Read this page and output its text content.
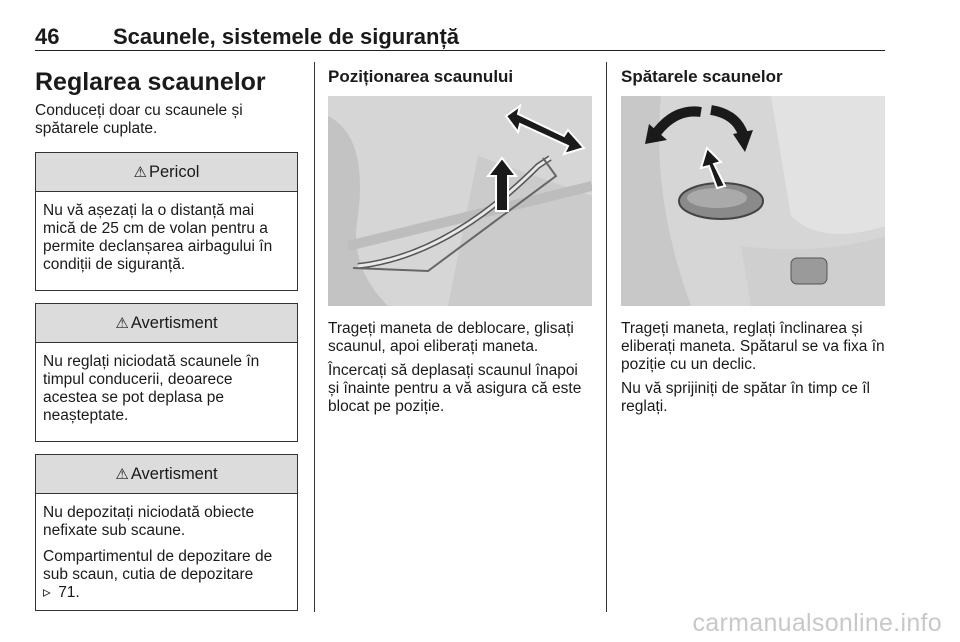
46 Scaunele, sistemele de siguranță
Reglarea scaunelor

Conduceți doar cu scaunele și spătarele cuplate.

⚠ Pericol

Nu vă așezați la o distanță mai mică de 25 cm de volan pentru a permite declanșarea airbagului în condiții de siguranță.

⚠ Avertisment

Nu reglați niciodată scaunele în timpul conducerii, deoarece acestea se pot deplasa pe neașteptate.

⚠ Avertisment

Nu depozitați niciodată obiecte nefixate sub scaune.

Compartimentul de depozitare de sub scaun, cutia de depozitare
▹  71.

Poziționarea scaunului

Trageți maneta de deblocare, glisați scaunul, apoi eliberați maneta.

Încercați să deplasați scaunul înapoi și înainte pentru a vă asigura că este blocat pe poziție.

Spătarele scaunelor

Trageți maneta, reglați înclinarea și eliberați maneta. Spătarul se va fixa în poziție cu un declic.

Nu vă sprijiniți de spătar în timp ce îl reglați.

carmanualsonline.info
